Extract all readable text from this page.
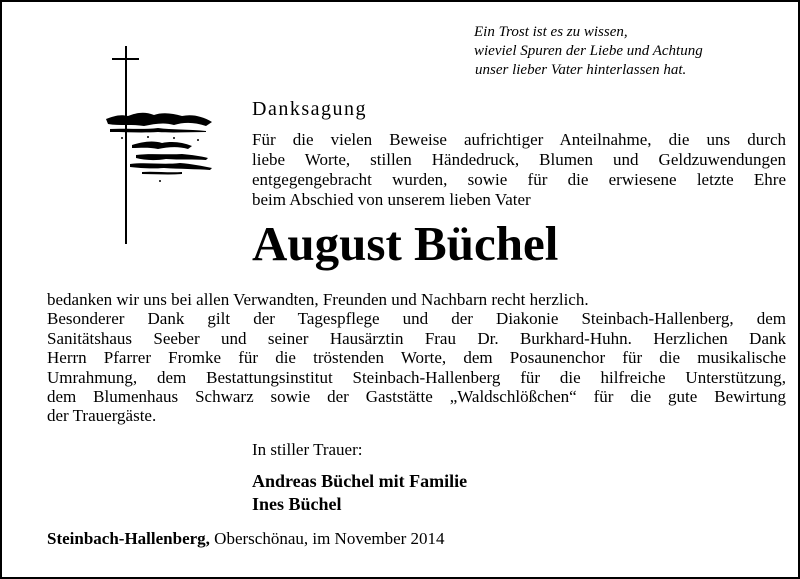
Ein Trost ist es zu wissen,
wieviel Spuren der Liebe und Achtung
unser lieber Vater hinterlassen hat.
Danksagung
Für die vielen Beweise aufrichtiger Anteilnahme, die uns durch
liebe Worte, stillen Händedruck, Blumen und Geldzuwendungen
entgegengebracht wurden, sowie für die erwiesene letzte Ehre
beim Abschied von unserem lieben Vater
August Büchel
bedanken wir uns bei allen Verwandten, Freunden und Nachbarn recht herzlich.
Besonderer Dank gilt der Tagespflege und der Diakonie Steinbach-Hallenberg, dem
Sanitätshaus Seeber und seiner Hausärztin Frau Dr. Burkhard-Huhn. Herzlichen Dank
Herrn Pfarrer Fromke für die tröstenden Worte, dem Posaunenchor für die musikalische
Umrahmung, dem Bestattungsinstitut Steinbach-Hallenberg für die hilfreiche Unterstützung,
dem Blumenhaus Schwarz sowie der Gaststätte „Waldschlößchen“ für die gute Bewirtung
der Trauergäste.
In stiller Trauer:
Andreas Büchel mit Familie
Ines Büchel
Steinbach-Hallenberg, Oberschönau, im November 2014
